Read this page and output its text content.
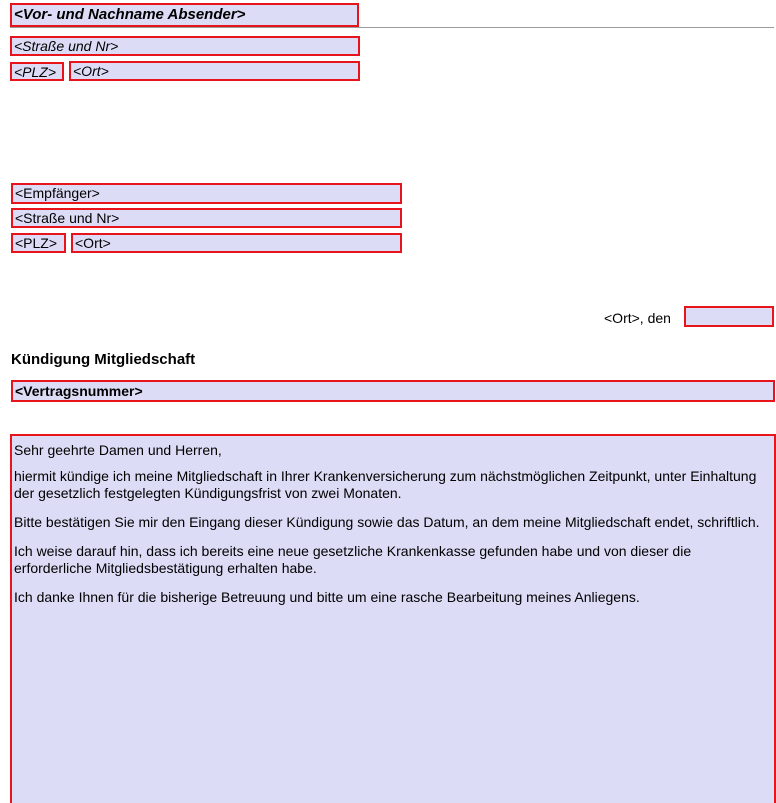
<Vor- und Nachname Absender>
<Straße und Nr>
<PLZ>	<Ort>
<Empfänger>
<Straße und Nr>
<PLZ>	<Ort>
<Ort>, den
Kündigung Mitgliedschaft
<Vertragsnummer>

Sehr geehrte Damen und Herren,

hiermit kündige ich meine Mitgliedschaft in Ihrer Krankenversicherung zum nächstmöglichen Zeitpunkt, unter Einhaltung der gesetzlich festgelegten Kündigungsfrist von zwei Monaten.

Bitte bestätigen Sie mir den Eingang dieser Kündigung sowie das Datum, an dem meine Mitgliedschaft endet, schriftlich.

Ich weise darauf hin, dass ich bereits eine neue gesetzliche Krankenkasse gefunden habe und von dieser die erforderliche Mitgliedsbestätigung erhalten habe.

Ich danke Ihnen für die bisherige Betreuung und bitte um eine rasche Bearbeitung meines Anliegens.
